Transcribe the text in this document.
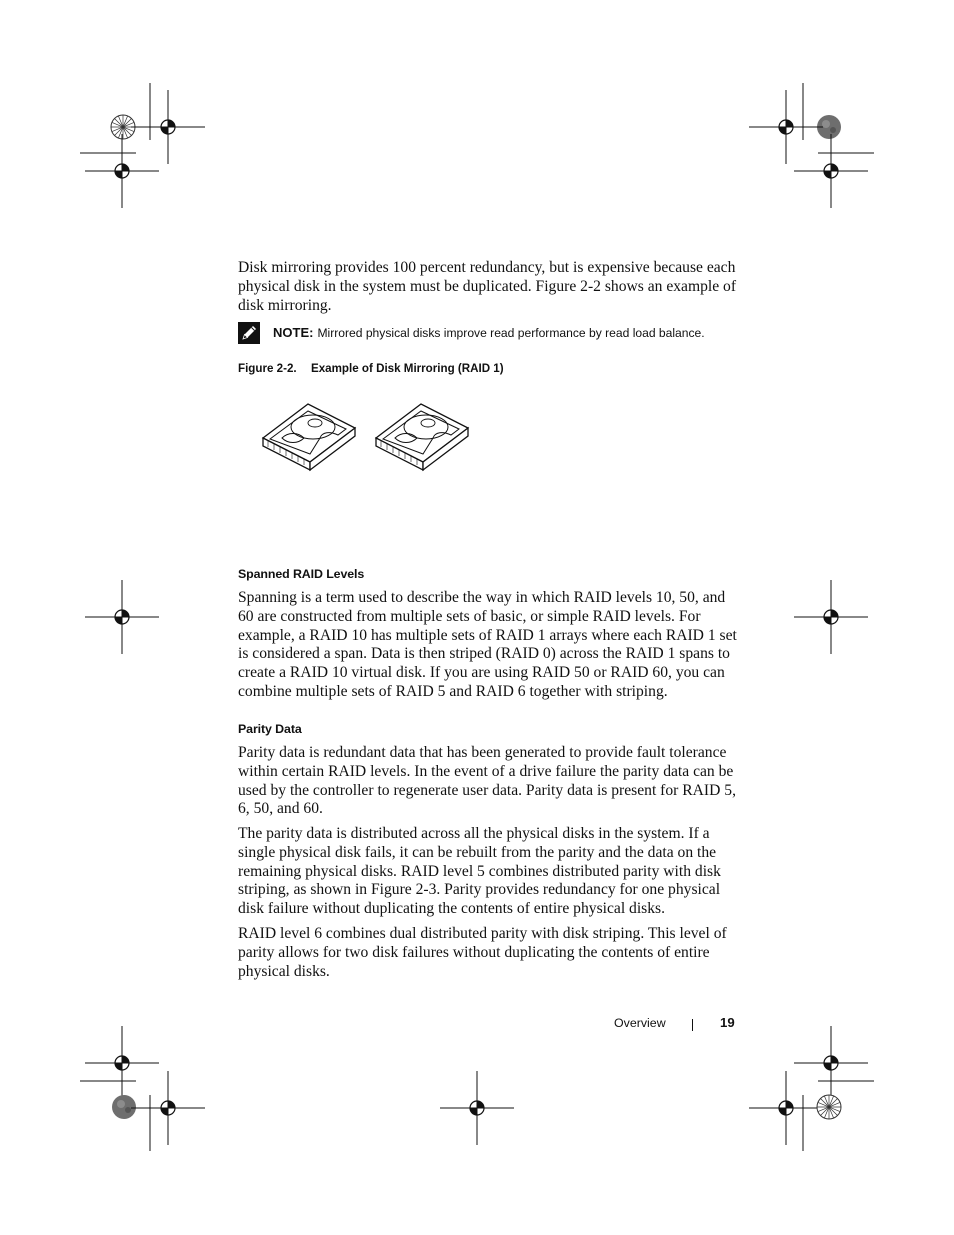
Disk mirroring provides 100 percent redundancy, but is expensive because each physical disk in the system must be duplicated. Figure 2-2 shows an example of disk mirroring.

NOTE: Mirrored physical disks improve read performance by read load balance.
Figure 2-2. Example of Disk Mirroring (RAID 1)
Spanned RAID Levels

Spanning is a term used to describe the way in which RAID levels 10, 50, and 60 are constructed from multiple sets of basic, or simple RAID levels. For example, a RAID 10 has multiple sets of RAID 1 arrays where each RAID 1 set is considered a span. Data is then striped (RAID 0) across the RAID 1 spans to create a RAID 10 virtual disk. If you are using RAID 50 or RAID 60, you can combine multiple sets of RAID 5 and RAID 6 together with striping.

Parity Data

Parity data is redundant data that has been generated to provide fault tolerance within certain RAID levels. In the event of a drive failure the parity data can be used by the controller to regenerate user data. Parity data is present for RAID 5, 6, 50, and 60.

The parity data is distributed across all the physical disks in the system. If a single physical disk fails, it can be rebuilt from the parity and the data on the remaining physical disks. RAID level 5 combines distributed parity with disk striping, as shown in Figure 2-3. Parity provides redundancy for one physical disk failure without duplicating the contents of entire physical disks.

RAID level 6 combines dual distributed parity with disk striping. This level of parity allows for two disk failures without duplicating the contents of entire physical disks.

Overview	19
